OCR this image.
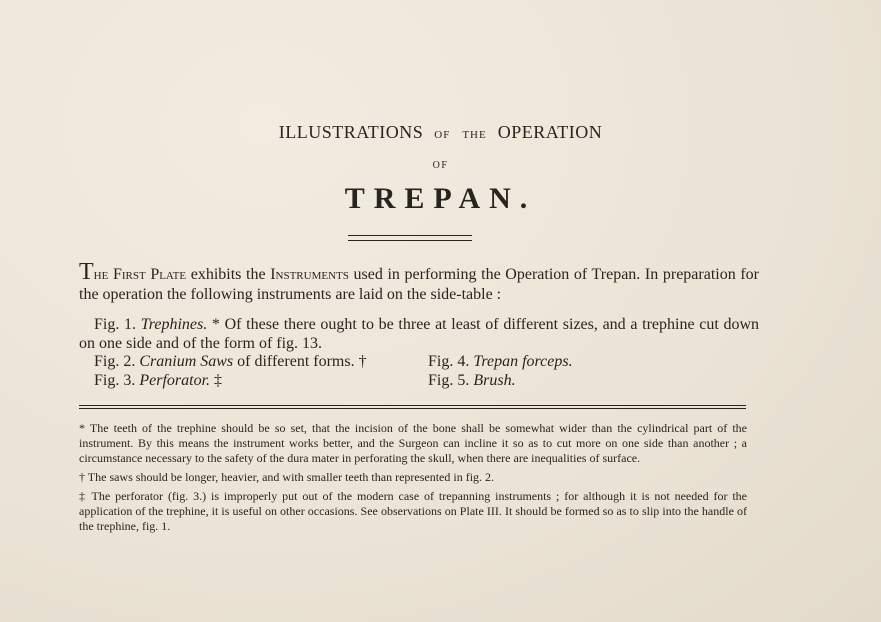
ILLUSTRATIONS of the OPERATION
OF
TREPAN.
The First Plate exhibits the Instruments used in performing the Operation of Trepan. In preparation for the operation the following instruments are laid on the side-table :
Fig. 1. Trephines. * Of these there ought to be three at least of different sizes, and a trephine cut down on one side and of the form of fig. 13.
Fig. 2. Cranium Saws of different forms. †
Fig. 3. Perforator. ‡
Fig. 4. Trepan forceps.
Fig. 5. Brush.
* The teeth of the trephine should be so set, that the incision of the bone shall be somewhat wider than the cylindrical part of the instrument. By this means the instrument works better, and the Surgeon can incline it so as to cut more on one side than another ; a circumstance necessary to the safety of the dura mater in perforating the skull, when there are inequalities of surface.
† The saws should be longer, heavier, and with smaller teeth than represented in fig. 2.
‡ The perforator (fig. 3.) is improperly put out of the modern case of trepanning instruments ; for although it is not needed for the application of the trephine, it is useful on other occasions. See observations on Plate III. It should be formed so as to slip into the handle of the trephine, fig. 1.
